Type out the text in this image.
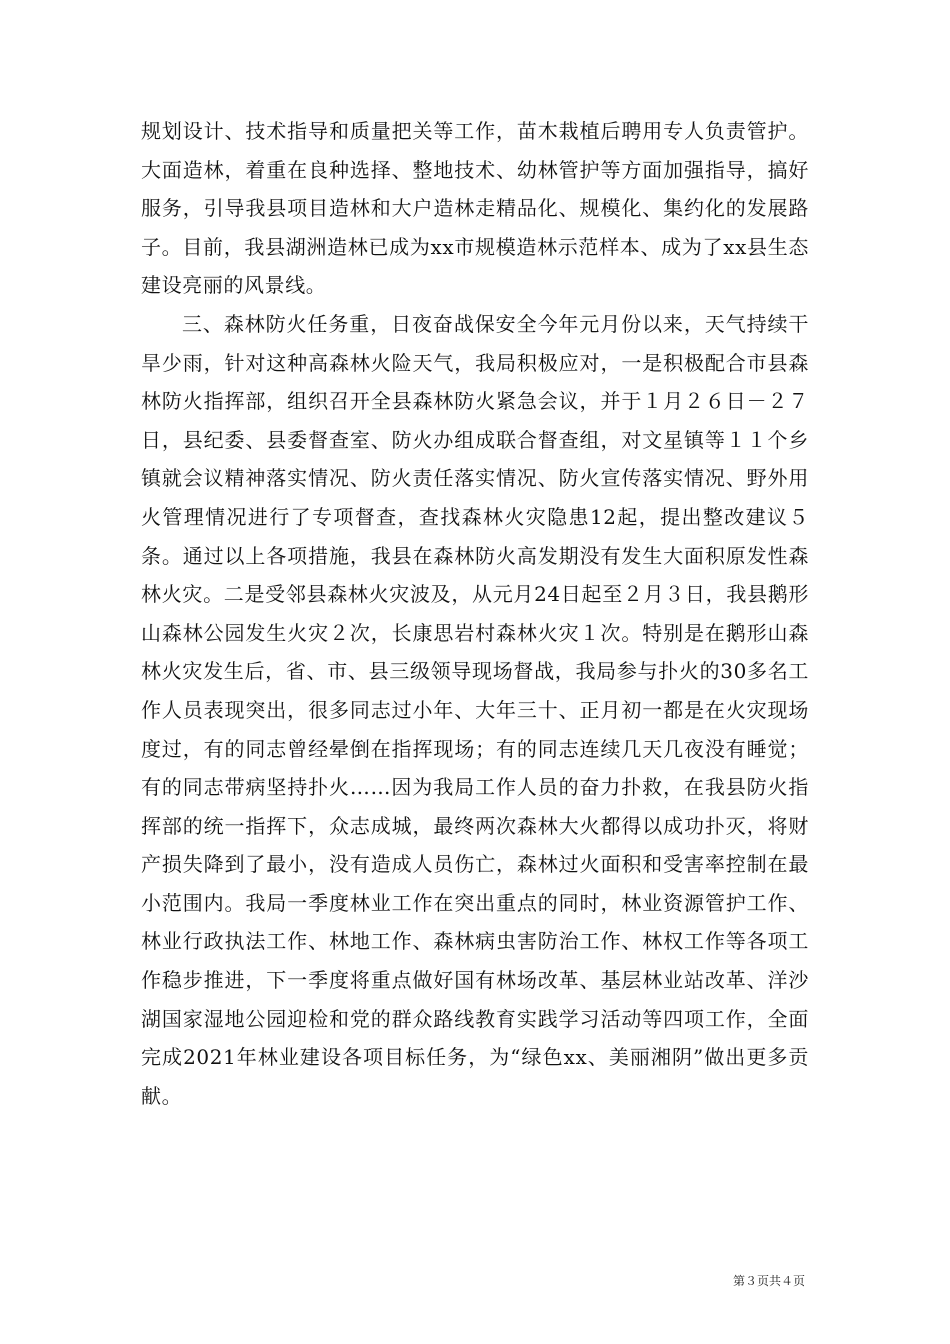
规划设计、技术指导和质量把关等工作，苗木栽植后聘用专人负责管护。大面造林，着重在良种选择、整地技术、幼林管护等方面加强指导，搞好服务，引导我县项目造林和大户造林走精品化、规模化、集约化的发展路子。目前，我县湖洲造林已成为xx市规模造林示范样本、成为了xx县生态建设亮丽的风景线。

三、森林防火任务重，日夜奋战保安全今年元月份以来，天气持续干旱少雨，针对这种高森林火险天气，我局积极应对，一是积极配合市县森林防火指挥部，组织召开全县森林防火紧急会议，并于１月２６日－２７日，县纪委、县委督查室、防火办组成联合督查组，对文星镇等１１个乡镇就会议精神落实情况、防火责任落实情况、防火宣传落实情况、野外用火管理情况进行了专项督查，查找森林火灾隐患12起，提出整改建议５条。通过以上各项措施，我县在森林防火高发期没有发生大面积原发性森林火灾。二是受邻县森林火灾波及，从元月24日起至２月３日，我县鹅形山森林公园发生火灾２次，长康思岩村森林火灾１次。特别是在鹅形山森林火灾发生后，省、市、县三级领导现场督战，我局参与扑火的30多名工作人员表现突出，很多同志过小年、大年三十、正月初一都是在火灾现场度过，有的同志曾经晕倒在指挥现场；有的同志连续几天几夜没有睡觉；有的同志带病坚持扑火……因为我局工作人员的奋力扑救，在我县防火指挥部的统一指挥下，众志成城，最终两次森林大火都得以成功扑灭，将财产损失降到了最小，没有造成人员伤亡，森林过火面积和受害率控制在最小范围内。我局一季度林业工作在突出重点的同时，林业资源管护工作、林业行政执法工作、林地工作、森林病虫害防治工作、林权工作等各项工作稳步推进，下一季度将重点做好国有林场改革、基层林业站改革、洋沙湖国家湿地公园迎检和党的群众路线教育实践学习活动等四项工作，全面完成2021年林业建设各项目标任务，为“绿色xx、美丽湘阴”做出更多贡献。

第３页共４页
